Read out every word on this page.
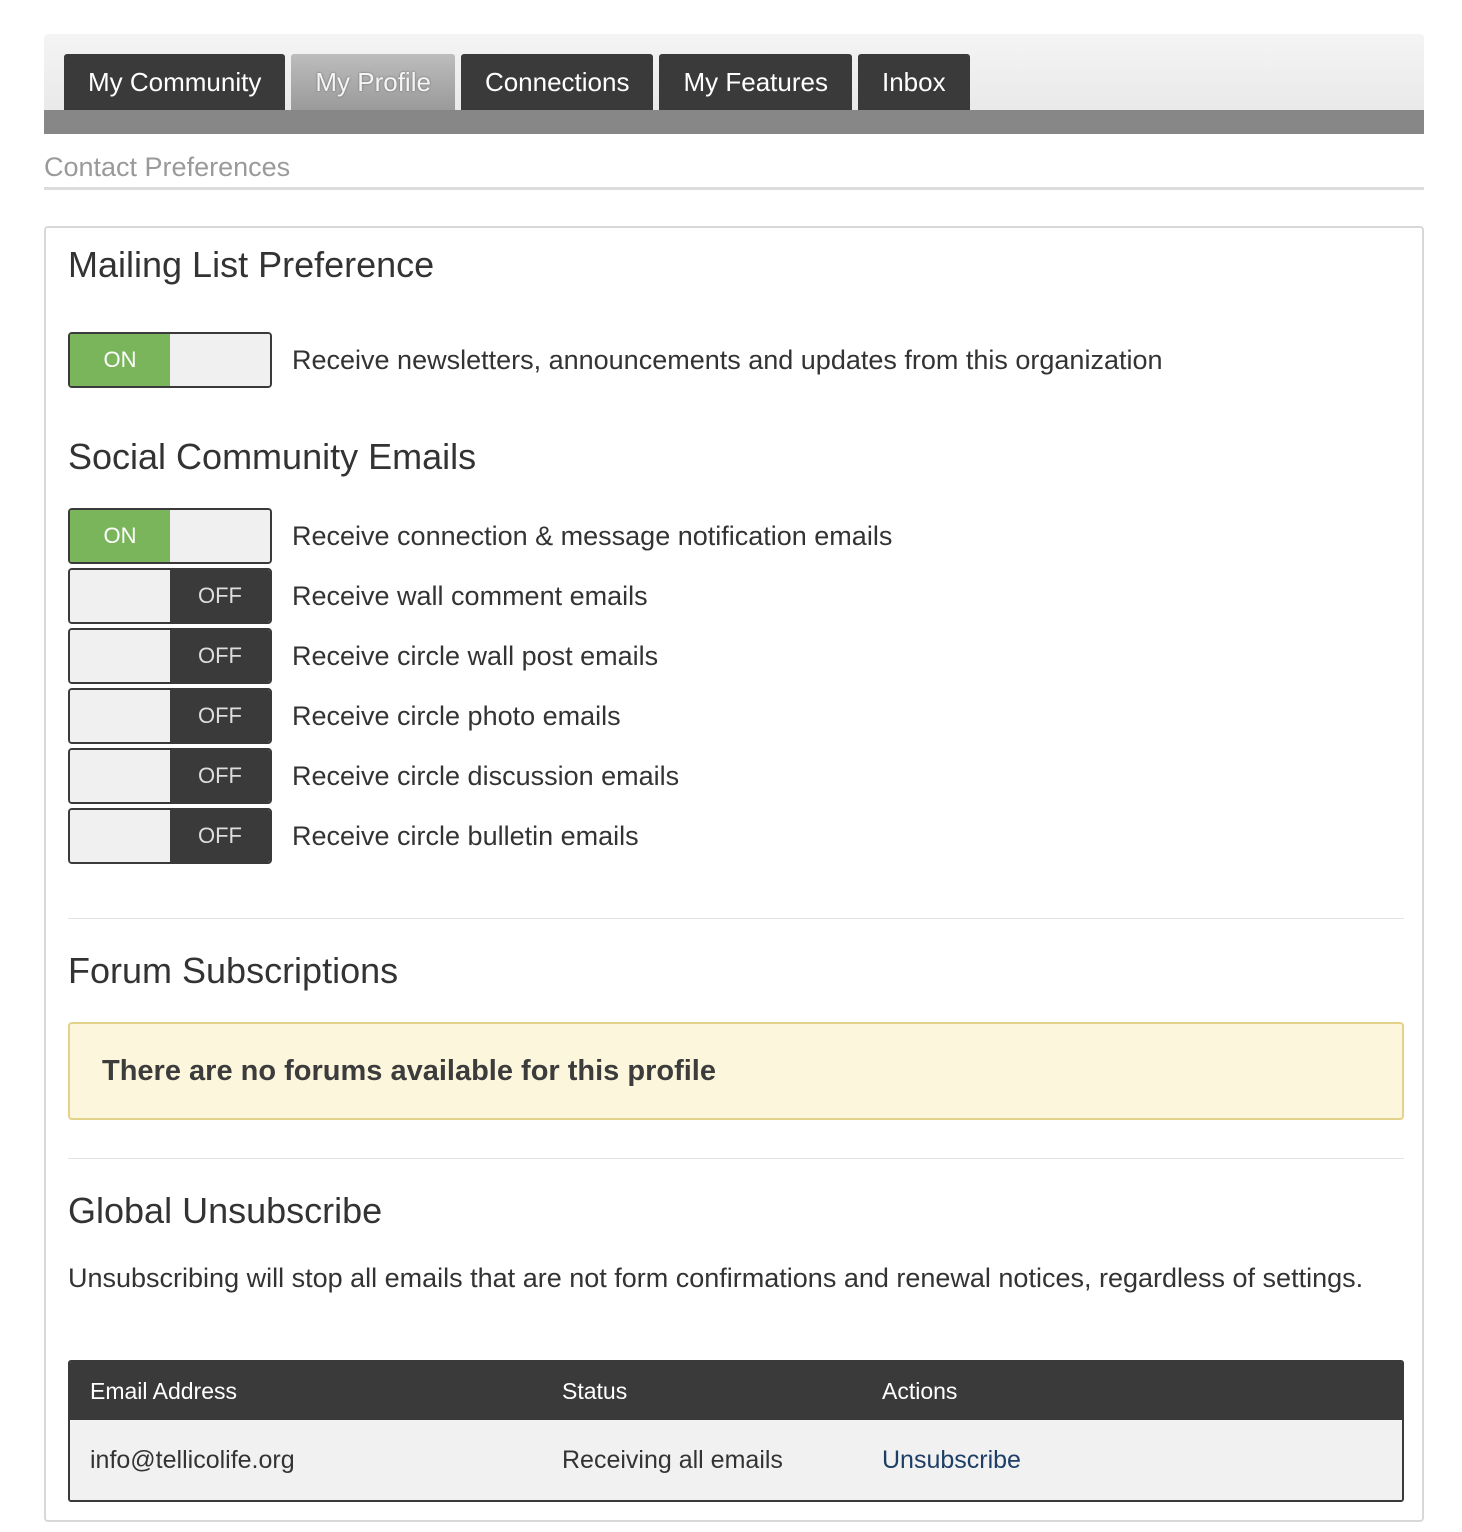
My Community	My Profile	Connections	My Features	Inbox
Contact Preferences
Mailing List Preference
ON	Receive newsletters, announcements and updates from this organization
Social Community Emails
ON	Receive connection & message notification emails
OFF	Receive wall comment emails
OFF	Receive circle wall post emails
OFF	Receive circle photo emails
OFF	Receive circle discussion emails
OFF	Receive circle bulletin emails
Forum Subscriptions
There are no forums available for this profile
Global Unsubscribe
Unsubscribing will stop all emails that are not form confirmations and renewal notices, regardless of settings.
Email Address	Status	Actions
info@tellicolife.org	Receiving all emails	Unsubscribe
